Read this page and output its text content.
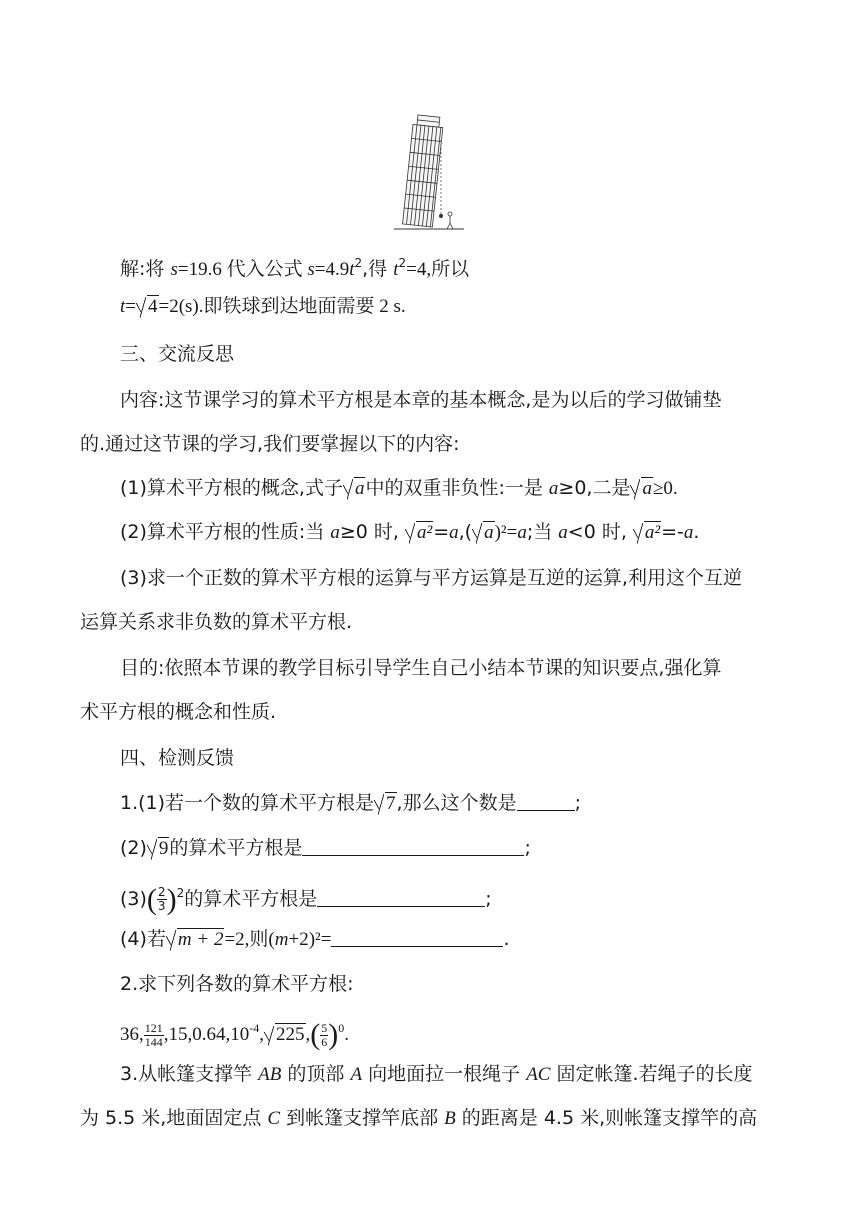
解:将 s=19.6 代入公式 $s=4.9t^2$,得 $t^2=4$,所以
t= 4=2(s).即铁球到达地面需要 2 s.
三、交流反思
内容:这节课学习的算术平方根是本章的基本概念,是为以后的学习做铺垫
的.通过这节课的学习,我们要掌握以下的内容:
(1)算术平方根的概念,式子 a中的双重非负性:一是 a≥0,二是 a≥0.
(2)算术平方根的性质:当 a≥0 时, a²=a,( a)²=a;当 a<0 时, a²=-a.
(3)求一个正数的算术平方根的运算与平方运算是互逆的运算,利用这个互逆
运算关系求非负数的算术平方根.
目的:依照本节课的教学目标引导学生自己小结本节课的知识要点,强化算
术平方根的概念和性质.
四、检测反馈
1.(1)若一个数的算术平方根是 7,那么这个数是	;
(2) 9的算术平方根是	;
$(3)( \frac{2}{3} )^2$的算术平方根是	;
(4)若 m + 2=2,则(m+2)²=	.
2.求下列各数的算术平方根:
36, $\frac{121}{144} ,15,0.64,10^{-4}$, $225,( \frac{5}{6} )^0$.
3.从帐篷支撑竿 AB 的顶部 A 向地面拉一根绳子 AC 固定帐篷.若绳子的长度
为 5.5 米,地面固定点 C 到帐篷支撑竿底部 B 的距离是 4.5 米,则帐篷支撑竿的高
